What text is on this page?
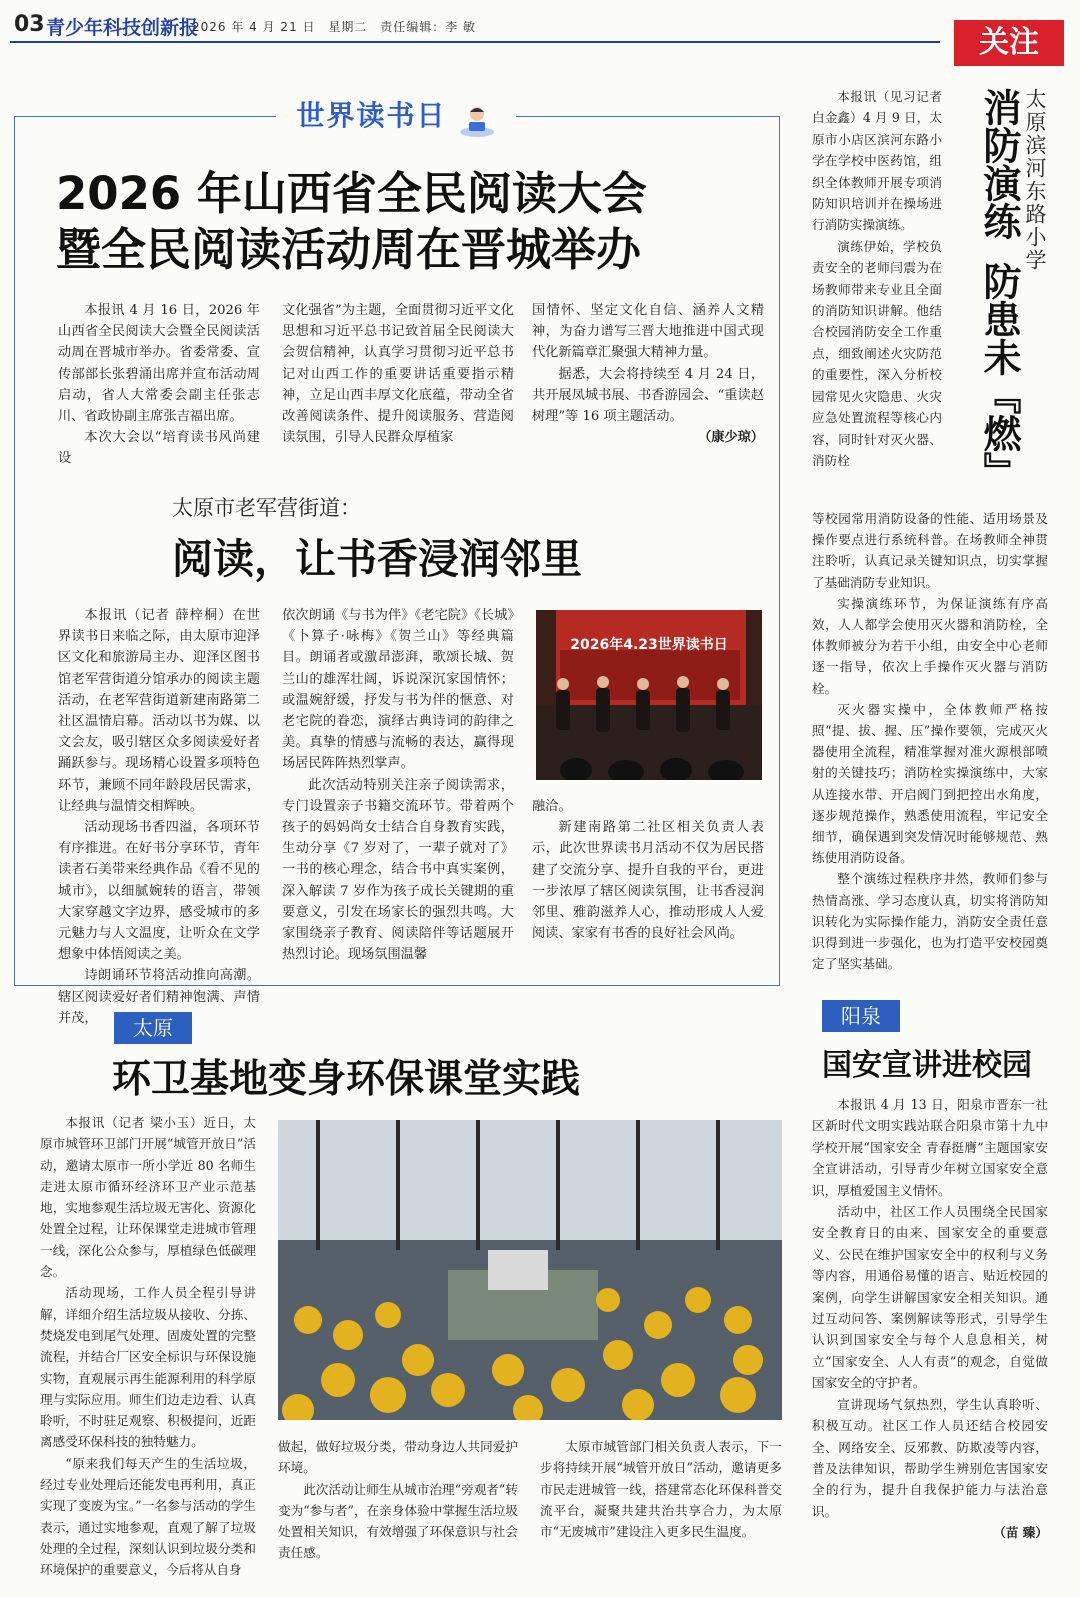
03 青少年科技创新报
2026 年 4 月 21 日 星期二 责任编辑：李 敏	关注
世界读书日
2026 年山西省全民阅读大会
暨全民阅读活动周在晋城举办

本报讯 4 月 16 日，2026 年山西省全民阅读大会暨全民阅读活动周在晋城市举办。省委常委、宣传部部长张碧涌出席并宣布活动周启动，省人大常委会副主任张志川、省政协副主席张吉福出席。

本次大会以“培育读书风尚建设

文化强省”为主题，全面贯彻习近平文化思想和习近平总书记致首届全民阅读大会贺信精神，认真学习贯彻习近平总书记对山西工作的重要讲话重要指示精神，立足山西丰厚文化底蕴，带动全省改善阅读条件、提升阅读服务、营造阅读氛围，引导人民群众厚植家

国情怀、坚定文化自信、涵养人文精神，为奋力谱写三晋大地推进中国式现代化新篇章汇聚强大精神力量。

据悉，大会将持续至 4 月 24 日，共开展凤城书展、书香游园会、“重读赵树理”等 16 项主题活动。

（康少琼）
太原市老军营街道：
阅读，让书香浸润邻里

本报讯（记者 薛梓桐）在世界读书日来临之际，由太原市迎泽区文化和旅游局主办、迎泽区图书馆老军营街道分馆承办的阅读主题活动，在老军营街道新建南路第二社区温情启幕。活动以书为媒、以文会友，吸引辖区众多阅读爱好者踊跃参与。现场精心设置多项特色环节，兼顾不同年龄段居民需求，让经典与温情交相辉映。

活动现场书香四溢，各项环节有序推进。在好书分享环节，青年读者石美带来经典作品《看不见的城市》，以细腻婉转的语言，带领大家穿越文字边界，感受城市的多元魅力与人文温度，让听众在文学想象中体悟阅读之美。

诗朗诵环节将活动推向高潮。辖区阅读爱好者们精神饱满、声情并茂，

依次朗诵《与书为伴》《老宅院》《长城》《卜算子·咏梅》《贺兰山》等经典篇目。朗诵者或激昂澎湃，歌颂长城、贺兰山的雄浑壮阔，诉说深沉家国情怀；或温婉舒缓，抒发与书为伴的惬意、对老宅院的眷恋，演绎古典诗词的韵律之美。真挚的情感与流畅的表达，赢得现场居民阵阵热烈掌声。

此次活动特别关注亲子阅读需求，专门设置亲子书籍交流环节。带着两个孩子的妈妈尚女士结合自身教育实践，生动分享《7 岁对了，一辈子就对了》一书的核心理念，结合书中真实案例，深入解读 7 岁作为孩子成长关键期的重要意义，引发在场家长的强烈共鸣。大家围绕亲子教育、阅读陪伴等话题展开热烈讨论。现场氛围温馨

2026年4.23世界读书日

融洽。

新建南路第二社区相关负责人表示，此次世界读书月活动不仅为居民搭建了交流分享、提升自我的平台，更进一步浓厚了辖区阅读氛围，让书香浸润邻里、雅韵滋养人心，推动形成人人爱阅读、家家有书香的良好社会风尚。

本报讯（见习记者 白金鑫）4 月 9 日，太原市小店区滨河东路小学在学校中医药馆，组织全体教师开展专项消防知识培训并在操场进行消防实操演练。

演练伊始，学校负责安全的老师闫震为在场教师带来专业且全面的消防知识讲解。他结合校园消防安全工作重点，细致阐述火灾防范的重要性，深入分析校园常见火灾隐患、火灾应急处置流程等核心内容，同时针对灭火器、消防栓

太原滨河东路小学
消防演练
防患未『燃』

等校园常用消防设备的性能、适用场景及操作要点进行系统科普。在场教师全神贯注聆听，认真记录关键知识点，切实掌握了基础消防专业知识。

实操演练环节，为保证演练有序高效，人人都学会使用灭火器和消防栓，全体教师被分为若干小组，由安全中心老师逐一指导，依次上手操作灭火器与消防栓。

灭火器实操中，全体教师严格按照“提、拔、握、压”操作要领，完成灭火器使用全流程，精准掌握对准火源根部喷射的关键技巧；消防栓实操演练中，大家从连接水带、开启阀门到把控出水角度，逐步规范操作，熟悉使用流程，牢记安全细节，确保遇到突发情况时能够规范、熟练使用消防设备。

整个演练过程秩序井然，教师们参与热情高涨、学习态度认真，切实将消防知识转化为实际操作能力，消防安全责任意识得到进一步强化，也为打造平安校园奠定了坚实基础。

太原
环卫基地变身环保课堂实践

本报讯（记者 梁小玉）近日，太原市城管环卫部门开展“城管开放日”活动，邀请太原市一所小学近 80 名师生走进太原市循环经济环卫产业示范基地，实地参观生活垃圾无害化、资源化处置全过程，让环保课堂走进城市管理一线，深化公众参与，厚植绿色低碳理念。

活动现场，工作人员全程引导讲解，详细介绍生活垃圾从接收、分拣、焚烧发电到尾气处理、固废处置的完整流程，并结合厂区安全标识与环保设施实物，直观展示再生能源利用的科学原理与实际应用。师生们边走边看、认真聆听，不时驻足观察、积极提问，近距离感受环保科技的独特魅力。

“原来我们每天产生的生活垃圾，经过专业处理后还能发电再利用，真正实现了变废为宝。”一名参与活动的学生表示，通过实地参观，直观了解了垃圾处理的全过程，深刻认识到垃圾分类和环境保护的重要意义，今后将从自身

做起，做好垃圾分类，带动身边人共同爱护环境。

此次活动让师生从城市治理“旁观者”转变为“参与者”，在亲身体验中掌握生活垃圾处置相关知识，有效增强了环保意识与社会责任感。

太原市城管部门相关负责人表示，下一步将持续开展“城管开放日”活动，邀请更多市民走进城管一线，搭建常态化环保科普交流平台，凝聚共建共治共享合力，为太原市“无废城市”建设注入更多民生温度。

阳泉
国安宣讲进校园

本报讯 4 月 13 日，阳泉市晋东一社区新时代文明实践站联合阳泉市第十九中学校开展“国家安全 青春挺膺”主题国家安全宣讲活动，引导青少年树立国家安全意识，厚植爱国主义情怀。

活动中，社区工作人员围绕全民国家安全教育日的由来、国家安全的重要意义、公民在维护国家安全中的权利与义务等内容，用通俗易懂的语言、贴近校园的案例，向学生讲解国家安全相关知识。通过互动问答、案例解读等形式，引导学生认识到国家安全与每个人息息相关，树立“国家安全、人人有责”的观念，自觉做国家安全的守护者。

宣讲现场气氛热烈，学生认真聆听、积极互动。社区工作人员还结合校园安全、网络安全、反邪教、防欺凌等内容，普及法律知识，帮助学生辨别危害国家安全的行为，提升自我保护能力与法治意识。

（苗 臻）
